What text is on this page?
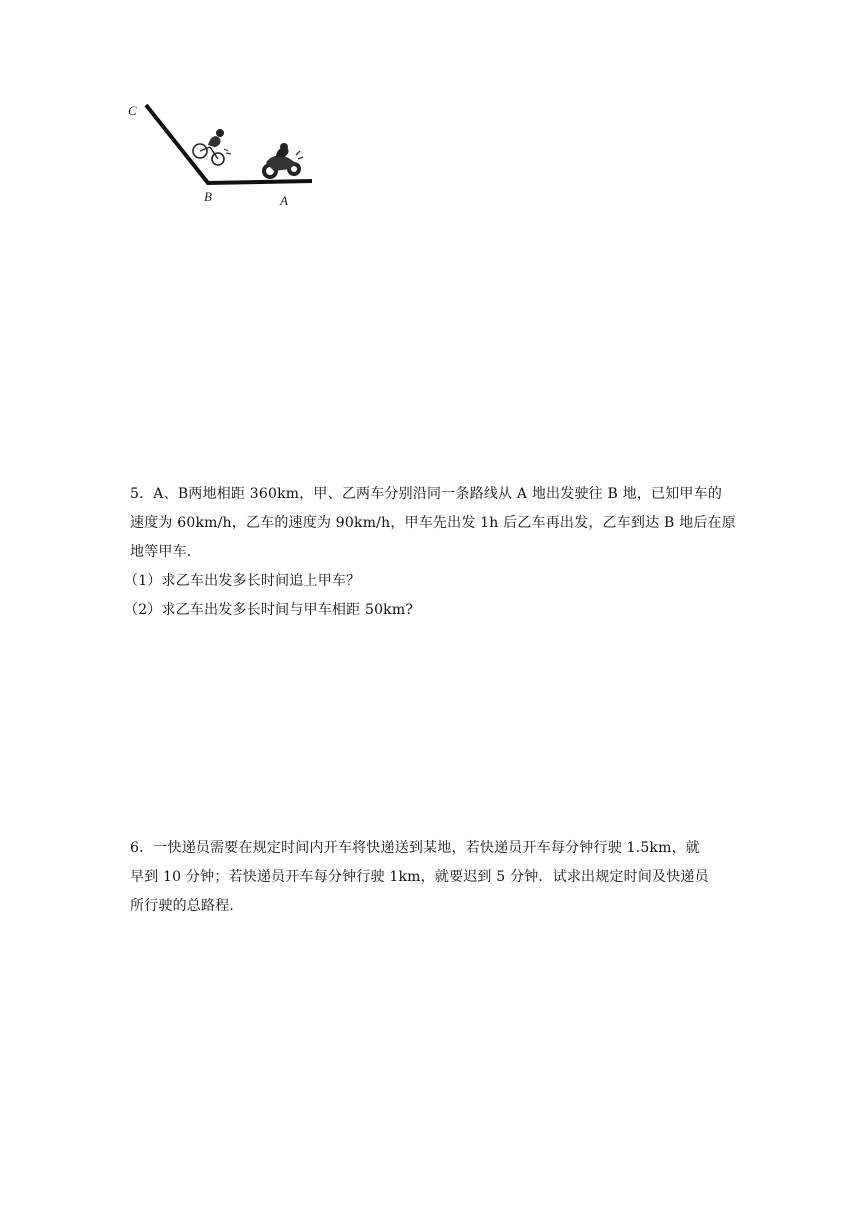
C
B	A
5．A、B两地相距 360km，甲、乙两车分别沿同一条路线从 A 地出发驶往 B 地，已知甲车的
速度为 60km/h，乙车的速度为 90km/h，甲车先出发 1h 后乙车再出发，乙车到达 B 地后在原
地等甲车．
（1）求乙车出发多长时间追上甲车？
（2）求乙车出发多长时间与甲车相距 50km?
6．一快递员需要在规定时间内开车将快递送到某地，若快递员开车每分钟行驶 1.5km，就
早到 10 分钟；若快递员开车每分钟行驶 1km，就要迟到 5 分钟．试求出规定时间及快递员
所行驶的总路程．
